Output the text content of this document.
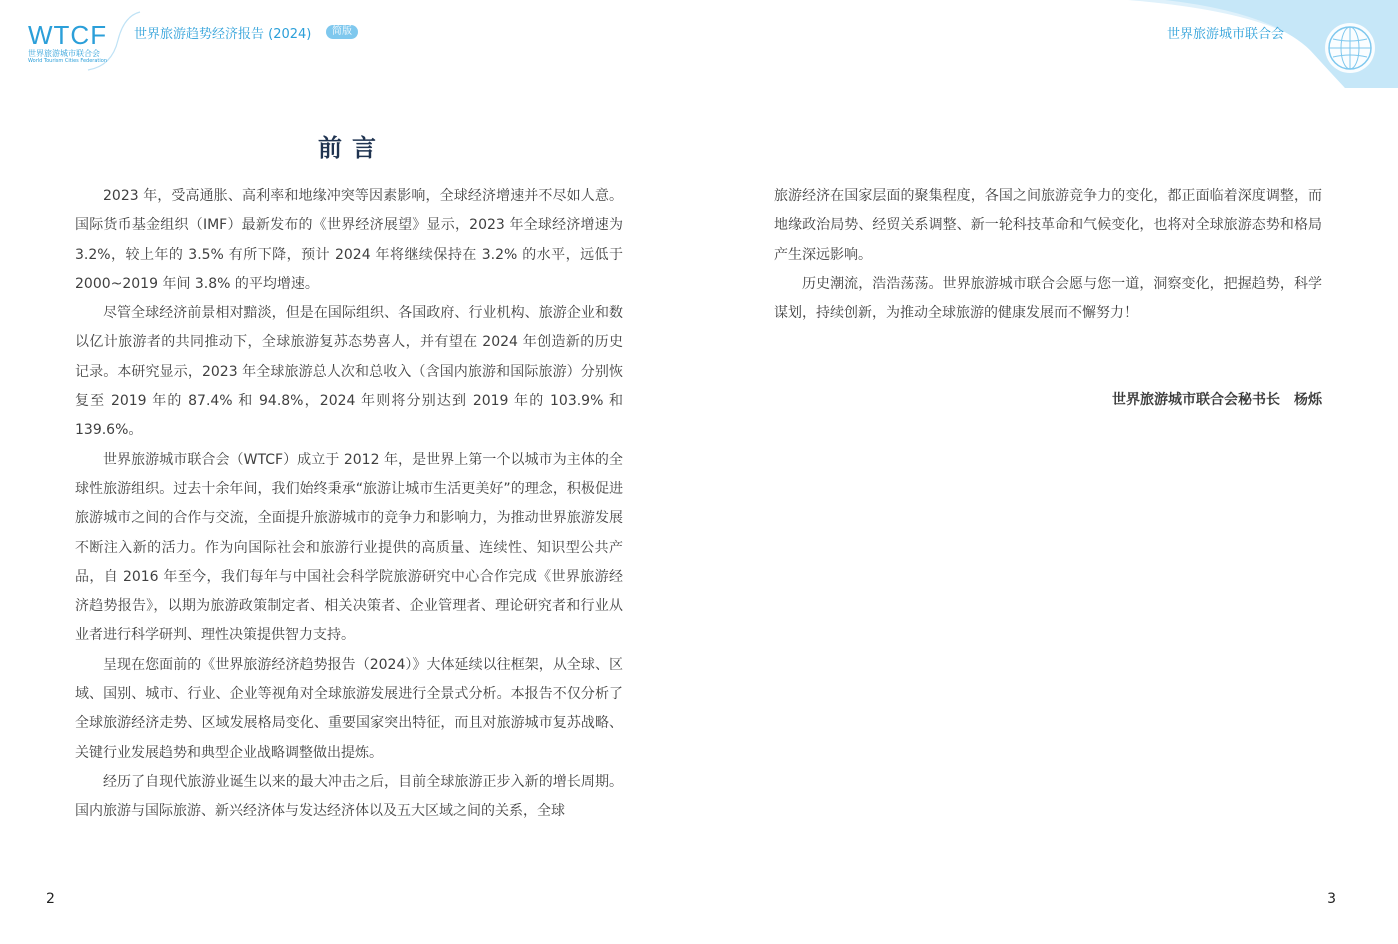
WTCF
世界旅游城市联合会
World Tourism Cities Federation
世界旅游趋势经济报告 (2024)	简版	世界旅游城市联合会
前言

2023 年，受高通胀、高利率和地缘冲突等因素影响，全球经济增速并不尽如人意。国际货币基金组织（IMF）最新发布的《世界经济展望》显示，2023 年全球经济增速为 3.2%，较上年的 3.5% 有所下降，预计 2024 年将继续保持在 3.2% 的水平，远低于 2000~2019 年间 3.8% 的平均增速。

尽管全球经济前景相对黯淡，但是在国际组织、各国政府、行业机构、旅游企业和数以亿计旅游者的共同推动下，全球旅游复苏态势喜人，并有望在 2024 年创造新的历史记录。本研究显示，2023 年全球旅游总人次和总收入（含国内旅游和国际旅游）分别恢复至 2019 年的 87.4% 和 94.8%，2024 年则将分别达到 2019 年的 103.9% 和 139.6%。

世界旅游城市联合会（WTCF）成立于 2012 年，是世界上第一个以城市为主体的全球性旅游组织。过去十余年间，我们始终秉承“旅游让城市生活更美好”的理念，积极促进旅游城市之间的合作与交流，全面提升旅游城市的竞争力和影响力，为推动世界旅游发展不断注入新的活力。作为向国际社会和旅游行业提供的高质量、连续性、知识型公共产品，自 2016 年至今，我们每年与中国社会科学院旅游研究中心合作完成《世界旅游经济趋势报告》，以期为旅游政策制定者、相关决策者、企业管理者、理论研究者和行业从业者进行科学研判、理性决策提供智力支持。

呈现在您面前的《世界旅游经济趋势报告（2024）》大体延续以往框架，从全球、区域、国别、城市、行业、企业等视角对全球旅游发展进行全景式分析。本报告不仅分析了全球旅游经济走势、区域发展格局变化、重要国家突出特征，而且对旅游城市复苏战略、关键行业发展趋势和典型企业战略调整做出提炼。

经历了自现代旅游业诞生以来的最大冲击之后，目前全球旅游正步入新的增长周期。国内旅游与国际旅游、新兴经济体与发达经济体以及五大区域之间的关系，全球

旅游经济在国家层面的聚集程度，各国之间旅游竞争力的变化，都正面临着深度调整，而地缘政治局势、经贸关系调整、新一轮科技革命和气候变化，也将对全球旅游态势和格局产生深远影响。

历史潮流，浩浩荡荡。世界旅游城市联合会愿与您一道，洞察变化，把握趋势，科学谋划，持续创新，为推动全球旅游的健康发展而不懈努力！

世界旅游城市联合会秘书长　杨烁
2	3
